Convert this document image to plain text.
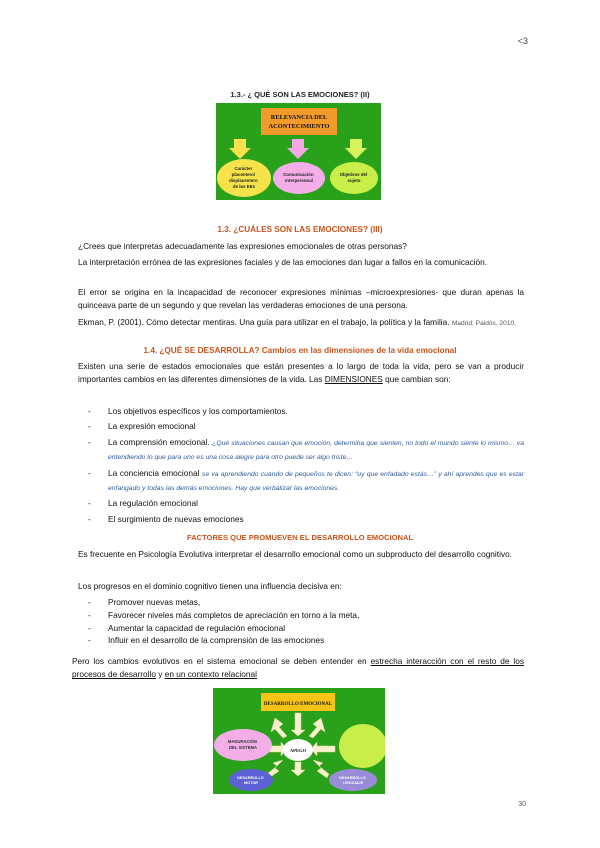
<3
30
1.3.- ¿ QUÉ SON LAS EMOCIONES? (II)
RELEVANCIA DEL
ACONTECIMIENTO
Carácter placentero/ displacentero de los EEs
Comunicación interpersonal
Objetivos del sujeto
1.3. ¿CUÁLES SON LAS EMOCIONES? (III)
¿Crees que interpretas adecuadamente las expresiones emocionales de otras personas?
La interpretación errónea de las expresiones faciales y de las emociones dan lugar a fallos en la comunicación.
El error se origina en la incapacidad de reconocer expresiones mínimas –microexpresiones- que duran apenas la quinceava parte de un segundo y que revelan las verdaderas emociones de una persona.
Ekman, P. (2001). Cómo detectar mentiras. Una guía para utilizar en el trabajo, la política y la familia. Madrid: Paidós, 2010.
1.4. ¿QUÉ SE DESARROLLA? Cambios en las dimensiones de la vida emocional
Existen una serie de estados emocionales que están presentes a lo largo de toda la vida, pero se van a producir importantes cambios en las diferentes dimensiones de la vida. Las DIMENSIONES que cambian son:
- Los objetivos específicos y los comportamientos.
- La expresión emocional
- La comprensión emocional. ¿Qué situaciones causan que emoción, determina que sienten, no todo el mundo siente lo mismo… va entendiendo lo que para uno es una cosa alegre para otro puede ser algo triste…
- La conciencia emocional se va aprendiendo cuando de pequeños te dicen: “uy que enfadado estás…” y ahí aprendes que es estar enfangado y todas las demás emociones. Hay que verbalizar las emociones.
- La regulación emocional
- El surgimiento de nuevas emociones
FACTORES QUE PROMUEVEN EL DESARROLLO EMOCIONAL
Es frecuente en Psicología Evolutiva interpretar el desarrollo emocional como un subproducto del desarrollo cognitivo.
Los progresos en el dominio cognitivo tienen una influencia decisiva en:
- Promover nuevas metas,
- Favorecer niveles más completos de apreciación en torno a la meta,
- Aumentar la capacidad de regulación emocional
- Influir en el desarrollo de la comprensión de las emociones
Pero los cambios evolutivos en el sistema emocional se deben entender en estrecha interacción con el resto de los procesos de desarrollo y en un contexto relacional
DESARROLLO EMOCIONAL
MADURACIÓN DEL SISTEMA
APEGO
DESARROLLO MOTOR
DESARROLLO LENGUAJE
